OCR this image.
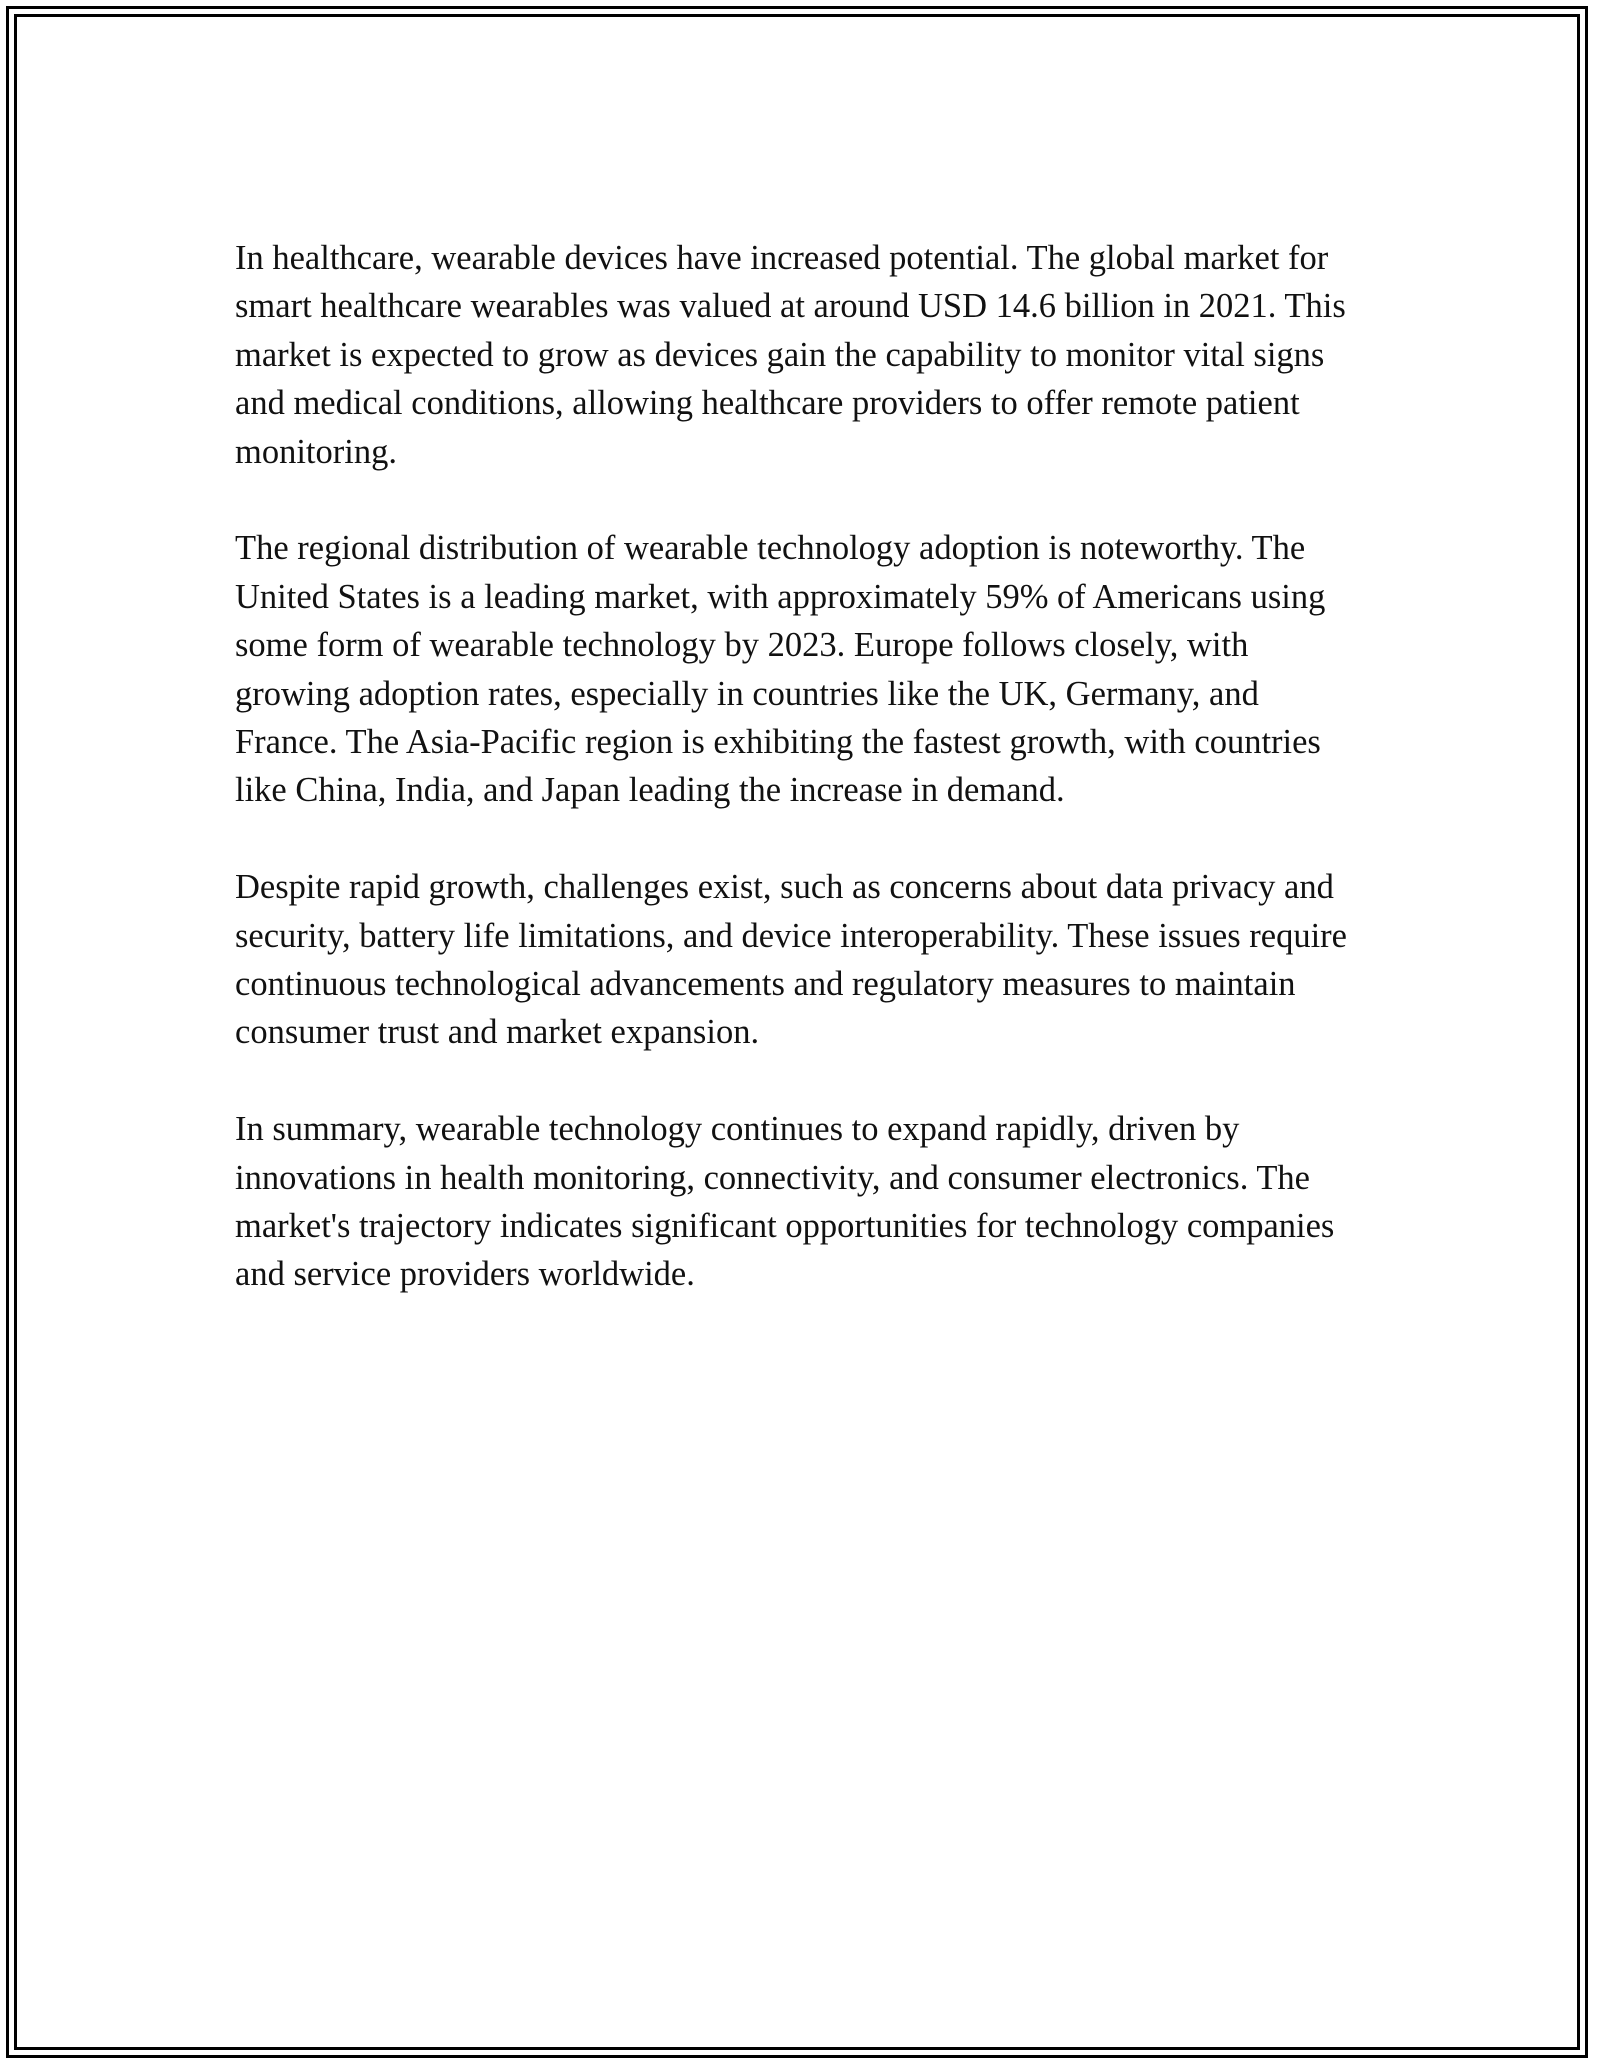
In healthcare, wearable devices have increased potential. The global market for smart healthcare wearables was valued at around USD 14.6 billion in 2021. This market is expected to grow as devices gain the capability to monitor vital signs and medical conditions, allowing healthcare providers to offer remote patient monitoring.

The regional distribution of wearable technology adoption is noteworthy. The United States is a leading market, with approximately 59% of Americans using some form of wearable technology by 2023. Europe follows closely, with growing adoption rates, especially in countries like the UK, Germany, and France. The Asia-Pacific region is exhibiting the fastest growth, with countries like China, India, and Japan leading the increase in demand.

Despite rapid growth, challenges exist, such as concerns about data privacy and security, battery life limitations, and device interoperability. These issues require continuous technological advancements and regulatory measures to maintain consumer trust and market expansion.

In summary, wearable technology continues to expand rapidly, driven by innovations in health monitoring, connectivity, and consumer electronics. The market's trajectory indicates significant opportunities for technology companies and service providers worldwide.
